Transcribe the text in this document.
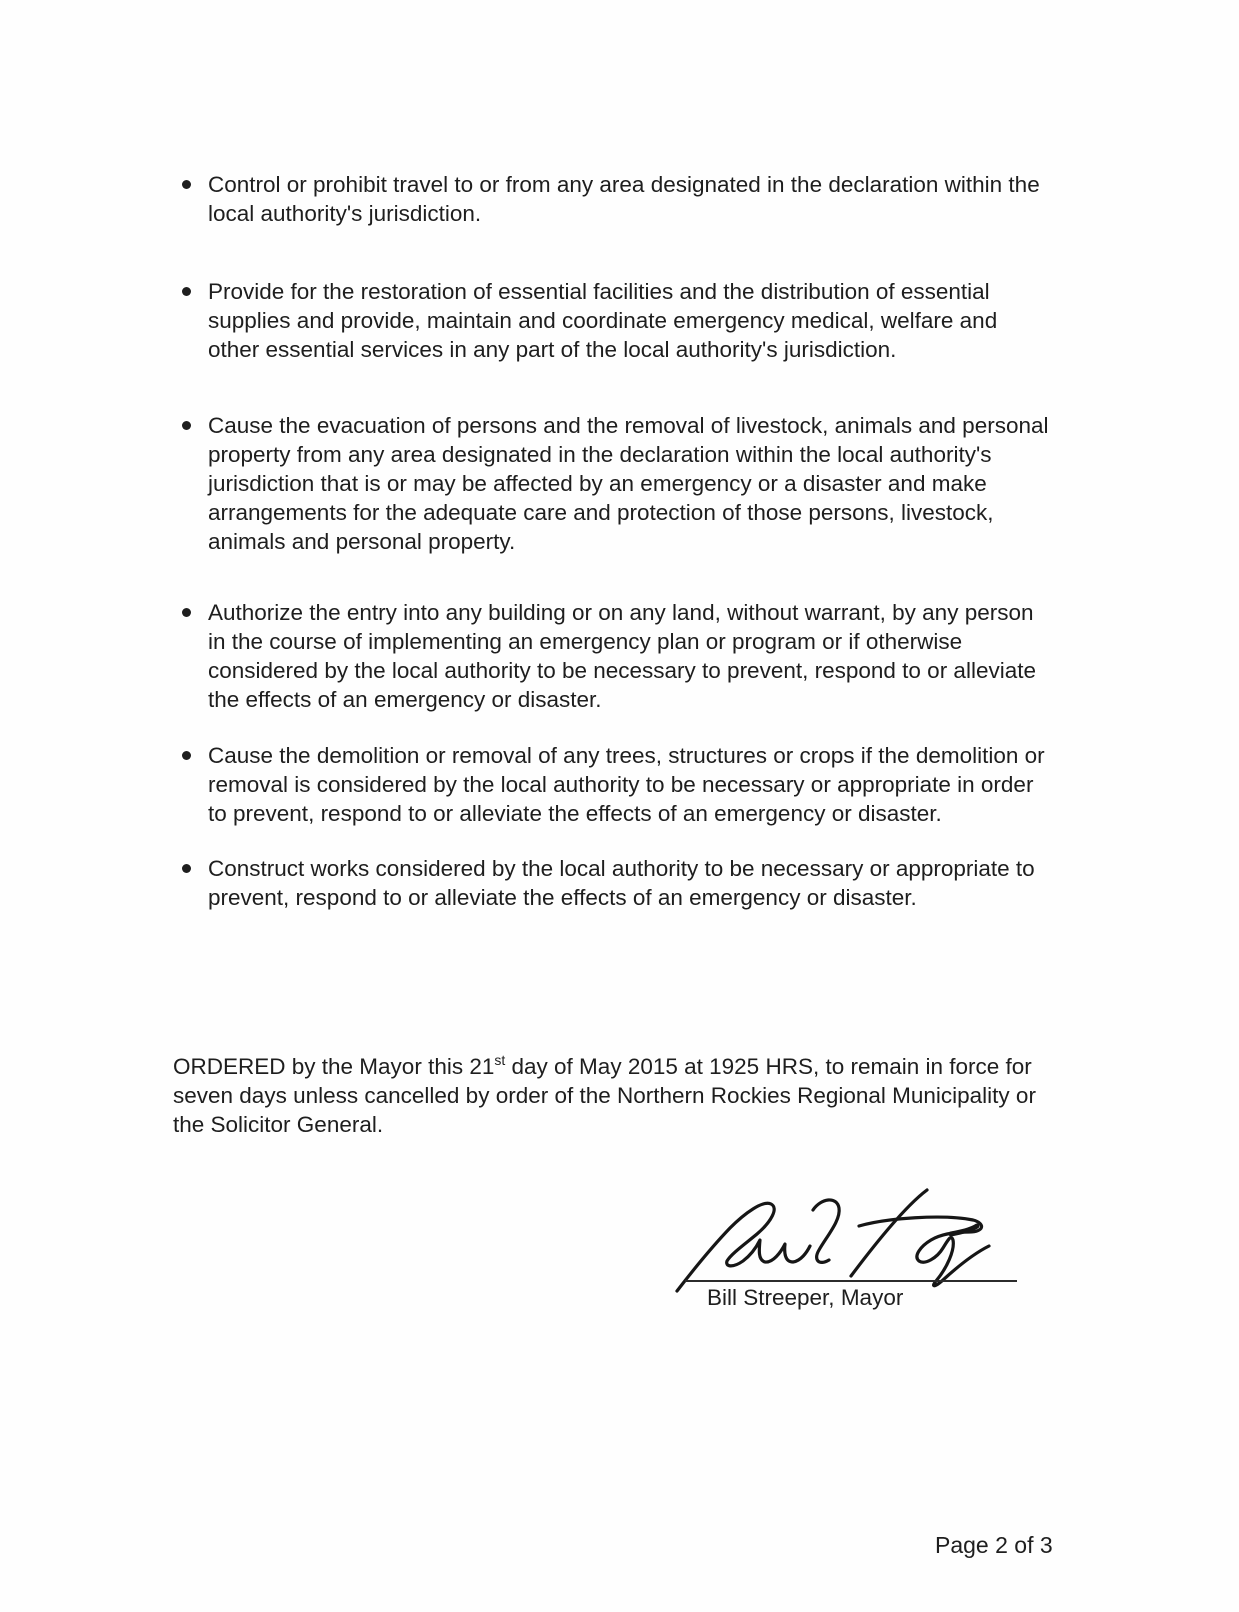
Control or prohibit travel to or from any area designated in the declaration within the local authority's jurisdiction.
Provide for the restoration of essential facilities and the distribution of essential supplies and provide, maintain and coordinate emergency medical, welfare and other essential services in any part of the local authority's jurisdiction.
Cause the evacuation of persons and the removal of livestock, animals and personal property from any area designated in the declaration within the local authority's jurisdiction that is or may be affected by an emergency or a disaster and make arrangements for the adequate care and protection of those persons, livestock, animals and personal property.
Authorize the entry into any building or on any land, without warrant, by any person in the course of implementing an emergency plan or program or if otherwise considered by the local authority to be necessary to prevent, respond to or alleviate the effects of an emergency or disaster.
Cause the demolition or removal of any trees, structures or crops if the demolition or removal is considered by the local authority to be necessary or appropriate in order to prevent, respond to or alleviate the effects of an emergency or disaster.
Construct works considered by the local authority to be necessary or appropriate to prevent, respond to or alleviate the effects of an emergency or disaster.

ORDERED by the Mayor this 21st day of May 2015 at 1925 HRS, to remain in force for seven days unless cancelled by order of the Northern Rockies Regional Municipality or the Solicitor General.

Bill Streeper, Mayor
Page 2 of 3
